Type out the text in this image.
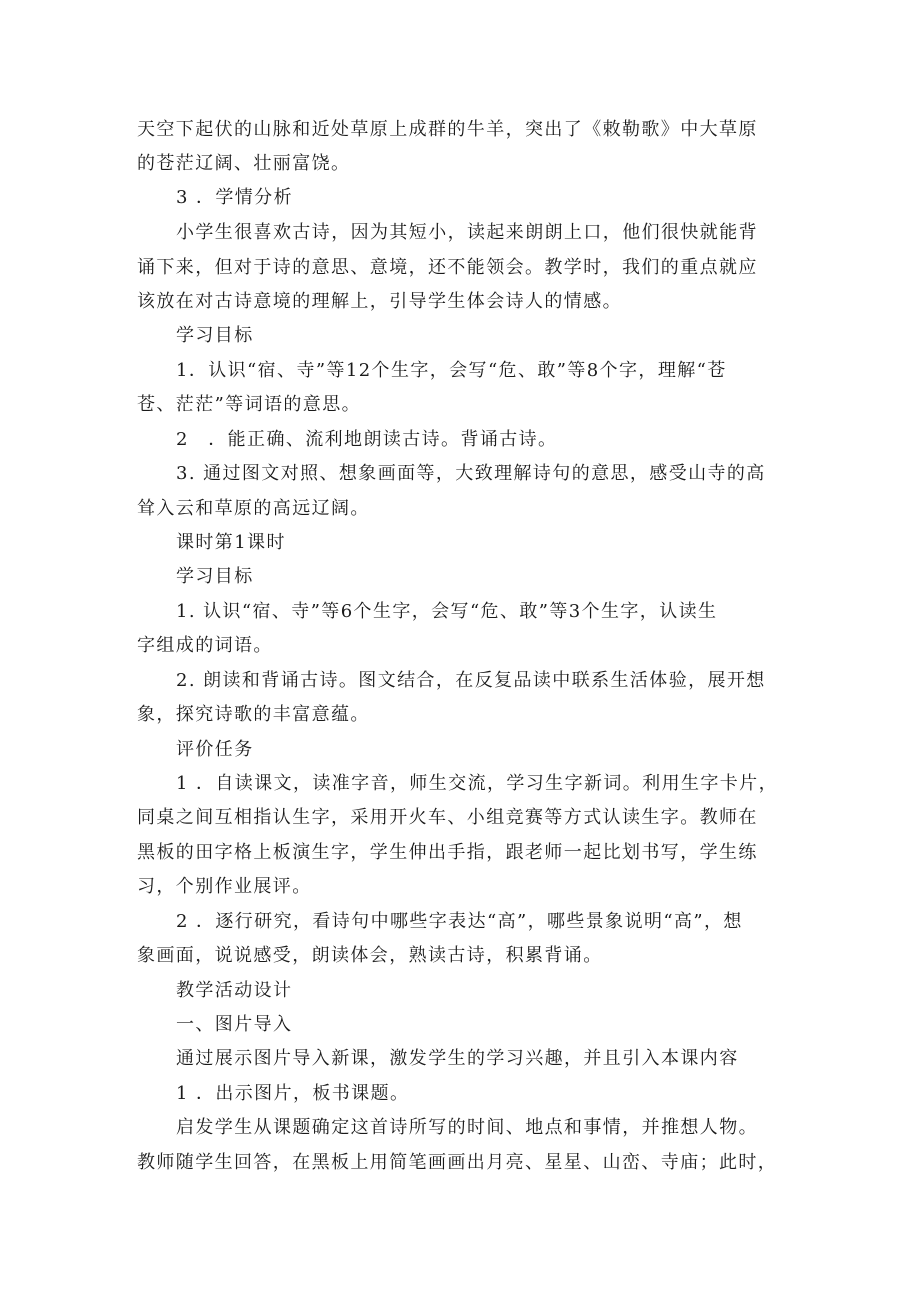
天空下起伏的山脉和近处草原上成群的牛羊，突出了《敕勒歌》中大草原
的苍茫辽阔、壮丽富饶。
3 ．学情分析
小学生很喜欢古诗，因为其短小，读起来朗朗上口，他们很快就能背
诵下来，但对于诗的意思、意境，还不能领会。教学时，我们的重点就应
该放在对古诗意境的理解上，引导学生体会诗人的情感。
学习目标
1．认识“宿、寺”等12个生字，会写“危、敢”等8个字，理解“苍
苍、茫茫”等词语的意思。
2　．能正确、流利地朗读古诗。背诵古诗。
3. 通过图文对照、想象画面等，大致理解诗句的意思，感受山寺的高
耸入云和草原的高远辽阔。
课时第1课时
学习目标
1. 认识“宿、寺”等6个生字，会写“危、敢”等3个生字，认读生
字组成的词语。
2. 朗读和背诵古诗。图文结合，在反复品读中联系生活体验，展开想
象，探究诗歌的丰富意蕴。
评价任务
1 ．自读课文，读准字音，师生交流，学习生字新词。利用生字卡片，
同桌之间互相指认生字，采用开火车、小组竞赛等方式认读生字。教师在
黑板的田字格上板演生字，学生伸出手指，跟老师一起比划书写，学生练
习，个别作业展评。
2 ．逐行研究，看诗句中哪些字表达“高”，哪些景象说明“高”，想
象画面，说说感受，朗读体会，熟读古诗，积累背诵。
教学活动设计
一、图片导入
通过展示图片导入新课，激发学生的学习兴趣，并且引入本课内容
1 ．出示图片，板书课题。
启发学生从课题确定这首诗所写的时间、地点和事情，并推想人物。
教师随学生回答，在黑板上用简笔画画出月亮、星星、山峦、寺庙；此时，
